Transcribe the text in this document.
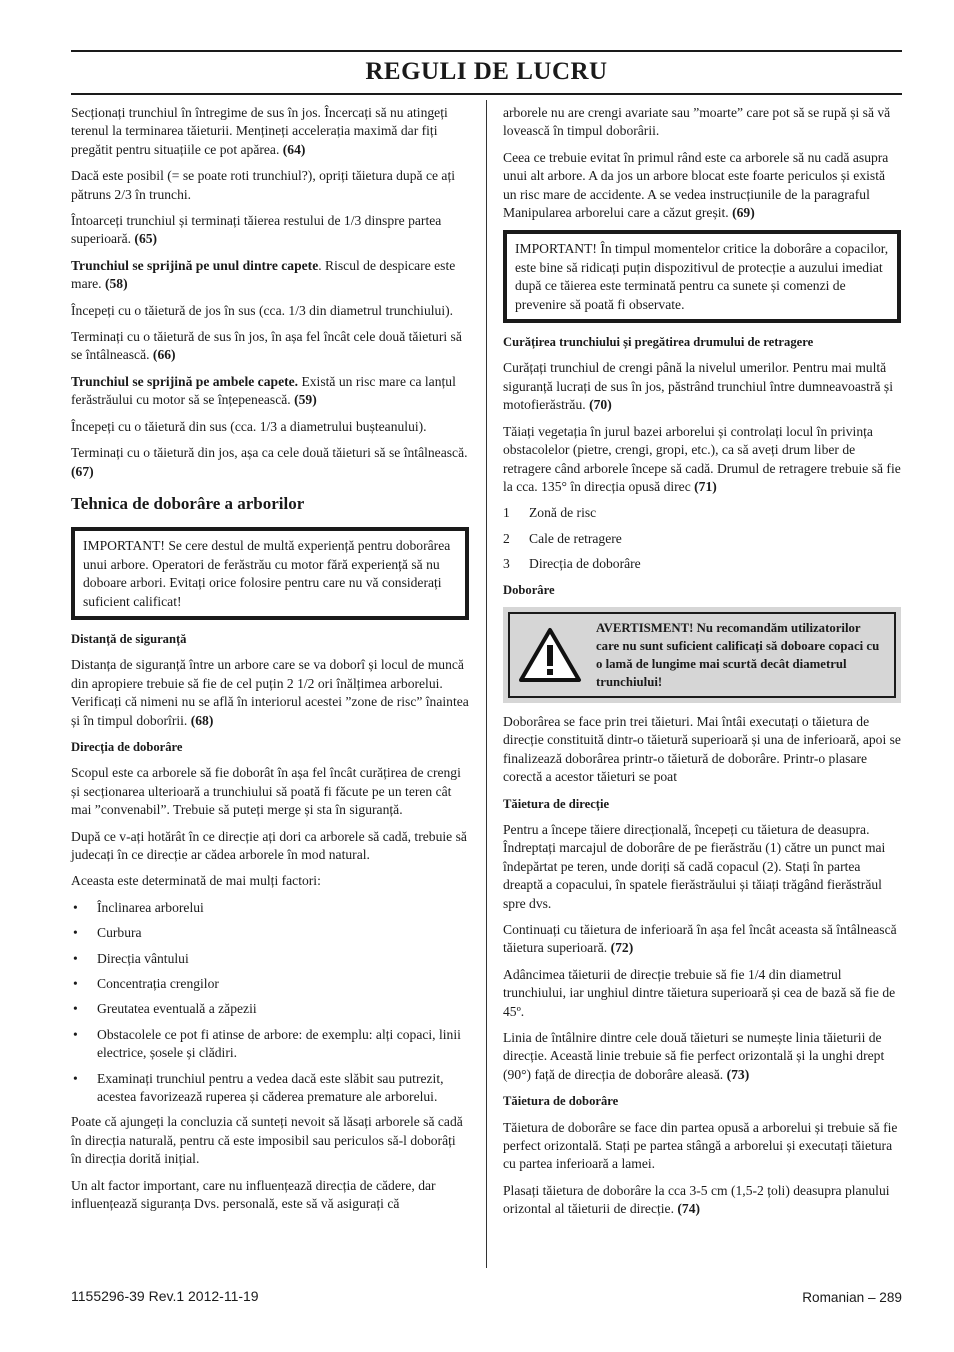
REGULI DE LUCRU

Secționați trunchiul în întregime de sus în jos. Încercați să nu atingeți terenul la terminarea tăieturii. Mențineți accelerația maximă dar fiți pregătit pentru situațiile ce pot apărea. (64)

Dacă este posibil (= se poate roti trunchiul?), opriți tăietura după ce ați pătruns 2/3 în trunchi.

Întoarceți trunchiul și terminați tăierea restului de 1/3 dinspre partea superioară. (65)

Trunchiul se sprijină pe unul dintre capete. Riscul de despicare este mare. (58)

Începeți cu o tăietură de jos în sus (cca. 1/3 din diametrul trunchiului).

Terminați cu o tăietură de sus în jos, în așa fel încât cele două tăieturi să se întâlnească. (66)

Trunchiul se sprijină pe ambele capete. Există un risc mare ca lanțul ferăstrăului cu motor să se înțepenească. (59)

Începeți cu o tăietură din sus (cca. 1/3 a diametrului bușteanului).

Terminați cu o tăietură din jos, așa ca cele două tăieturi să se întâlnească. (67)

Tehnica de doborâre a arborilor

IMPORTANT! Se cere destul de multă experiență pentru doborârea unui arbore. Operatori de ferăstrău cu motor fără experiență să nu doboare arbori. Evitați orice folosire pentru care nu vă considerați suficient calificat!

Distanță de siguranță

Distanța de siguranță între un arbore care se va doborî și locul de muncă din apropiere trebuie să fie de cel puțin 2 1/2 ori înălțimea arborelui. Verificați că nimeni nu se află în interiorul acestei ”zone de risc” înaintea și în timpul doborîrii. (68)

Direcția de doborâre

Scopul este ca arborele să fie doborât în așa fel încât curățirea de crengi și secționarea ulterioară a trunchiului să poată fi făcute pe un teren cât mai ”convenabil”. Trebuie să puteți merge și sta în siguranță.

După ce v-ați hotărât în ce direcție ați dori ca arborele să cadă, trebuie să judecați în ce direcție ar cădea arborele în mod natural.

Aceasta este determinată de mai mulți factori:

• Înclinarea arborelui
• Curbura
• Direcția vântului
• Concentrația crengilor
• Greutatea eventuală a zăpezii
• Obstacolele ce pot fi atinse de arbore: de exemplu: alți copaci, linii electrice, șosele și clădiri.
• Examinați trunchiul pentru a vedea dacă este slăbit sau putrezit, acestea favorizează ruperea și căderea premature ale arborelui.

Poate că ajungeți la concluzia că sunteți nevoit să lăsați arborele să cadă în direcția naturală, pentru că este imposibil sau periculos să-l doborâți în direcția dorită inițial.

Un alt factor important, care nu influențează direcția de cădere, dar influențează siguranța Dvs. personală, este să vă asigurați că

arborele nu are crengi avariate sau ”moarte” care pot să se rupă și să vă lovească în timpul doborârii.

Ceea ce trebuie evitat în primul rând este ca arborele să nu cadă asupra unui alt arbore. A da jos un arbore blocat este foarte periculos și există un risc mare de accidente. A se vedea instrucțiunile de la paragraful Manipularea arborelui care a căzut greșit. (69)

IMPORTANT! În timpul momentelor critice la doborâre a copacilor, este bine să ridicați puțin dispozitivul de protecție a auzului imediat după ce tăierea este terminată pentru ca sunete și comenzi de prevenire să poată fi observate.

Curățirea trunchiului și pregătirea drumului de retragere

Curățați trunchiul de crengi până la nivelul umerilor. Pentru mai multă siguranță lucrați de sus în jos, păstrând trunchiul între dumneavoastră și motofierăstrău. (70)

Tăiați vegetația în jurul bazei arborelui și controlați locul în privința obstacolelor (pietre, crengi, gropi, etc.), ca să aveți drum liber de retragere când arborele începe să cadă. Drumul de retragere trebuie să fie la cca. 135° în direcția opusă direc (71)

1 Zonă de risc
2 Cale de retragere
3 Direcția de doborâre
Doborâre
AVERTISMENT! Nu recomandăm utilizatorilor care nu sunt suficient calificați să doboare copaci cu o lamă de lungime mai scurtă decât diametrul trunchiului!

Doborârea se face prin trei tăieturi. Mai întâi executați o tăietura de direcție constituită dintr-o tăietură superioară și una de inferioară, apoi se finalizează doborârea printr-o tăietură de doborâre. Printr-o plasare corectă a acestor tăieturi se poat

Tăietura de direcție

Pentru a începe tăiere direcțională, începeți cu tăietura de deasupra. Îndreptați marcajul de doborâre de pe fierăstrău (1) către un punct mai îndepărtat pe teren, unde doriți să cadă copacul (2). Stați în partea dreaptă a copacului, în spatele fierăstrăului și tăiați trăgând fierăstrăul spre dvs.

Continuați cu tăietura de inferioară în așa fel încât aceasta să întâlnească tăietura superioară. (72)

Adâncimea tăieturii de direcție trebuie să fie 1/4 din diametrul trunchiului, iar unghiul dintre tăietura superioară și cea de bază să fie de 45º.

Linia de întâlnire dintre cele două tăieturi se numește linia tăieturii de direcție. Această linie trebuie să fie perfect orizontală și la unghi drept (90°) față de direcția de doborâre aleasă. (73)

Tăietura de doborâre

Tăietura de doborâre se face din partea opusă a arborelui și trebuie să fie perfect orizontală. Stați pe partea stângă a arborelui și executați tăietura cu partea inferioară a lamei.

Plasați tăietura de doborâre la cca 3-5 cm (1,5-2 țoli) deasupra planului orizontal al tăieturii de direcție. (74)

1155296-39 Rev.1 2012-11-19	Romanian – 289
